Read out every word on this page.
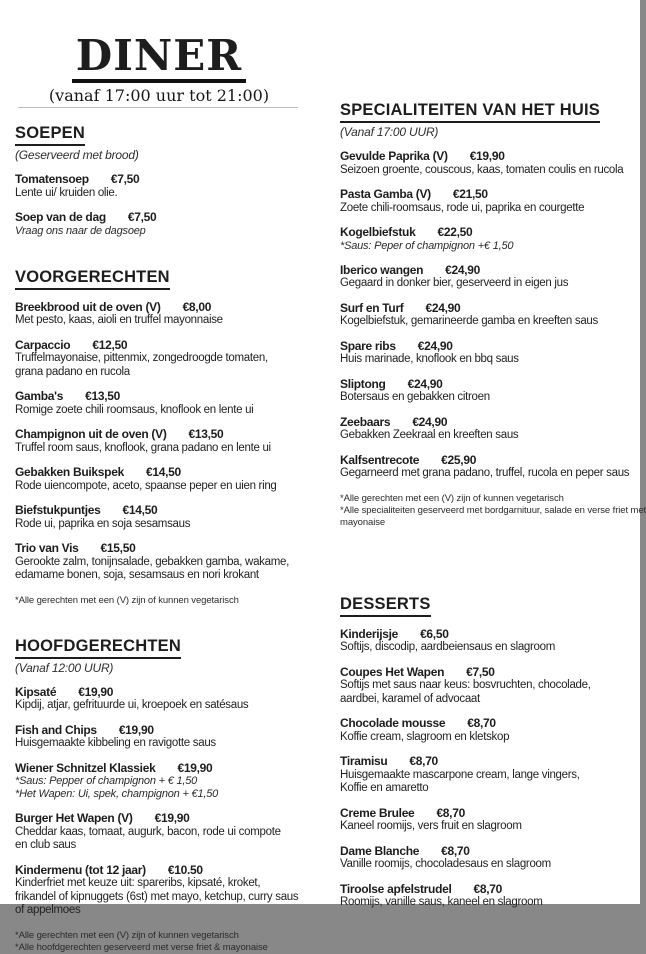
DINER
(vanaf 17:00 uur tot 21:00)
SOEPEN
(Geserveerd met brood)
Tomatensoep €7,50
Lente ui/ kruiden olie.
Soep van de dag €7,50
Vraag ons naar de dagsoep
VOORGERECHTEN
Breekbrood uit de oven (V) €8,00
Met pesto, kaas, aioli en truffel mayonnaise
Carpaccio €12,50
Truffelmayonaise, pittenmix, zongedroogde tomaten,
grana padano en rucola
Gamba's €13,50
Romige zoete chili roomsaus, knoflook en lente ui
Champignon uit de oven (V) €13,50
Truffel room saus, knoflook, grana padano en lente ui
Gebakken Buikspek €14,50
Rode uiencompote, aceto, spaanse peper en uien ring
Biefstukpuntjes €14,50
Rode ui, paprika en soja sesamsaus
Trio van Vis €15,50
Gerookte zalm, tonijnsalade, gebakken gamba, wakame,
edamame bonen, soja, sesamsaus en nori krokant
*Alle gerechten met een (V) zijn of kunnen vegetarisch
HOOFDGERECHTEN
(Vanaf 12:00 UUR)
Kipsaté €19,90
Kipdij, atjar, gefrituurde ui, kroepoek en satésaus
Fish and Chips €19,90
Huisgemaakte kibbeling en ravigotte saus
Wiener Schnitzel Klassiek €19,90
*Saus: Pepper of champignon + € 1,50
*Het Wapen: Ui, spek, champignon + €1,50
Burger Het Wapen (V) €19,90
Cheddar kaas, tomaat, augurk, bacon, rode ui compote
en club saus
Kindermenu (tot 12 jaar) €10.50
Kinderfriet met keuze uit: spareribs, kipsaté, kroket,
frikandel of kipnuggets (6st) met mayo, ketchup, curry saus
of appelmoes
*Alle gerechten met een (V) zijn of kunnen vegetarisch
*Alle hoofdgerechten geserveerd met verse friet & mayonaise
SPECIALITEITEN VAN HET HUIS
(Vanaf 17:00 UUR)
Gevulde Paprika (V) €19,90
Seizoen groente, couscous, kaas, tomaten coulis en rucola
Pasta Gamba (V) €21,50
Zoete chili-roomsaus, rode ui, paprika en courgette
Kogelbiefstuk €22,50
*Saus: Peper of champignon +€ 1,50
Iberico wangen €24,90
Gegaard in donker bier, geserveerd in eigen jus
Surf en Turf €24,90
Kogelbiefstuk, gemarineerde gamba en kreeften saus
Spare ribs €24,90
Huis marinade, knoflook en bbq saus
Sliptong €24,90
Botersaus en gebakken citroen
Zeebaars €24,90
Gebakken Zeekraal en kreeften saus
Kalfsentrecote €25,90
Gegarneerd met grana padano, truffel, rucola en peper saus
*Alle gerechten met een (V) zijn of kunnen vegetarisch
*Alle specialiteiten geserveerd met bordgarnituur, salade en verse friet met
mayonaise
DESSERTS
Kinderijsje €6,50
Softijs, discodip, aardbeiensaus en slagroom
Coupes Het Wapen €7,50
Softijs met saus naar keus: bosvruchten, chocolade,
aardbei, karamel of advocaat
Chocolade mousse €8,70
Koffie cream, slagroom en kletskop
Tiramisu €8,70
Huisgemaakte mascarpone cream, lange vingers,
Koffie en amaretto
Creme Brulee €8,70
Kaneel roomijs, vers fruit en slagroom
Dame Blanche €8,70
Vanille roomijs, chocoladesaus en slagroom
Tiroolse apfelstrudel €8,70
Roomijs, vanille saus, kaneel en slagroom
